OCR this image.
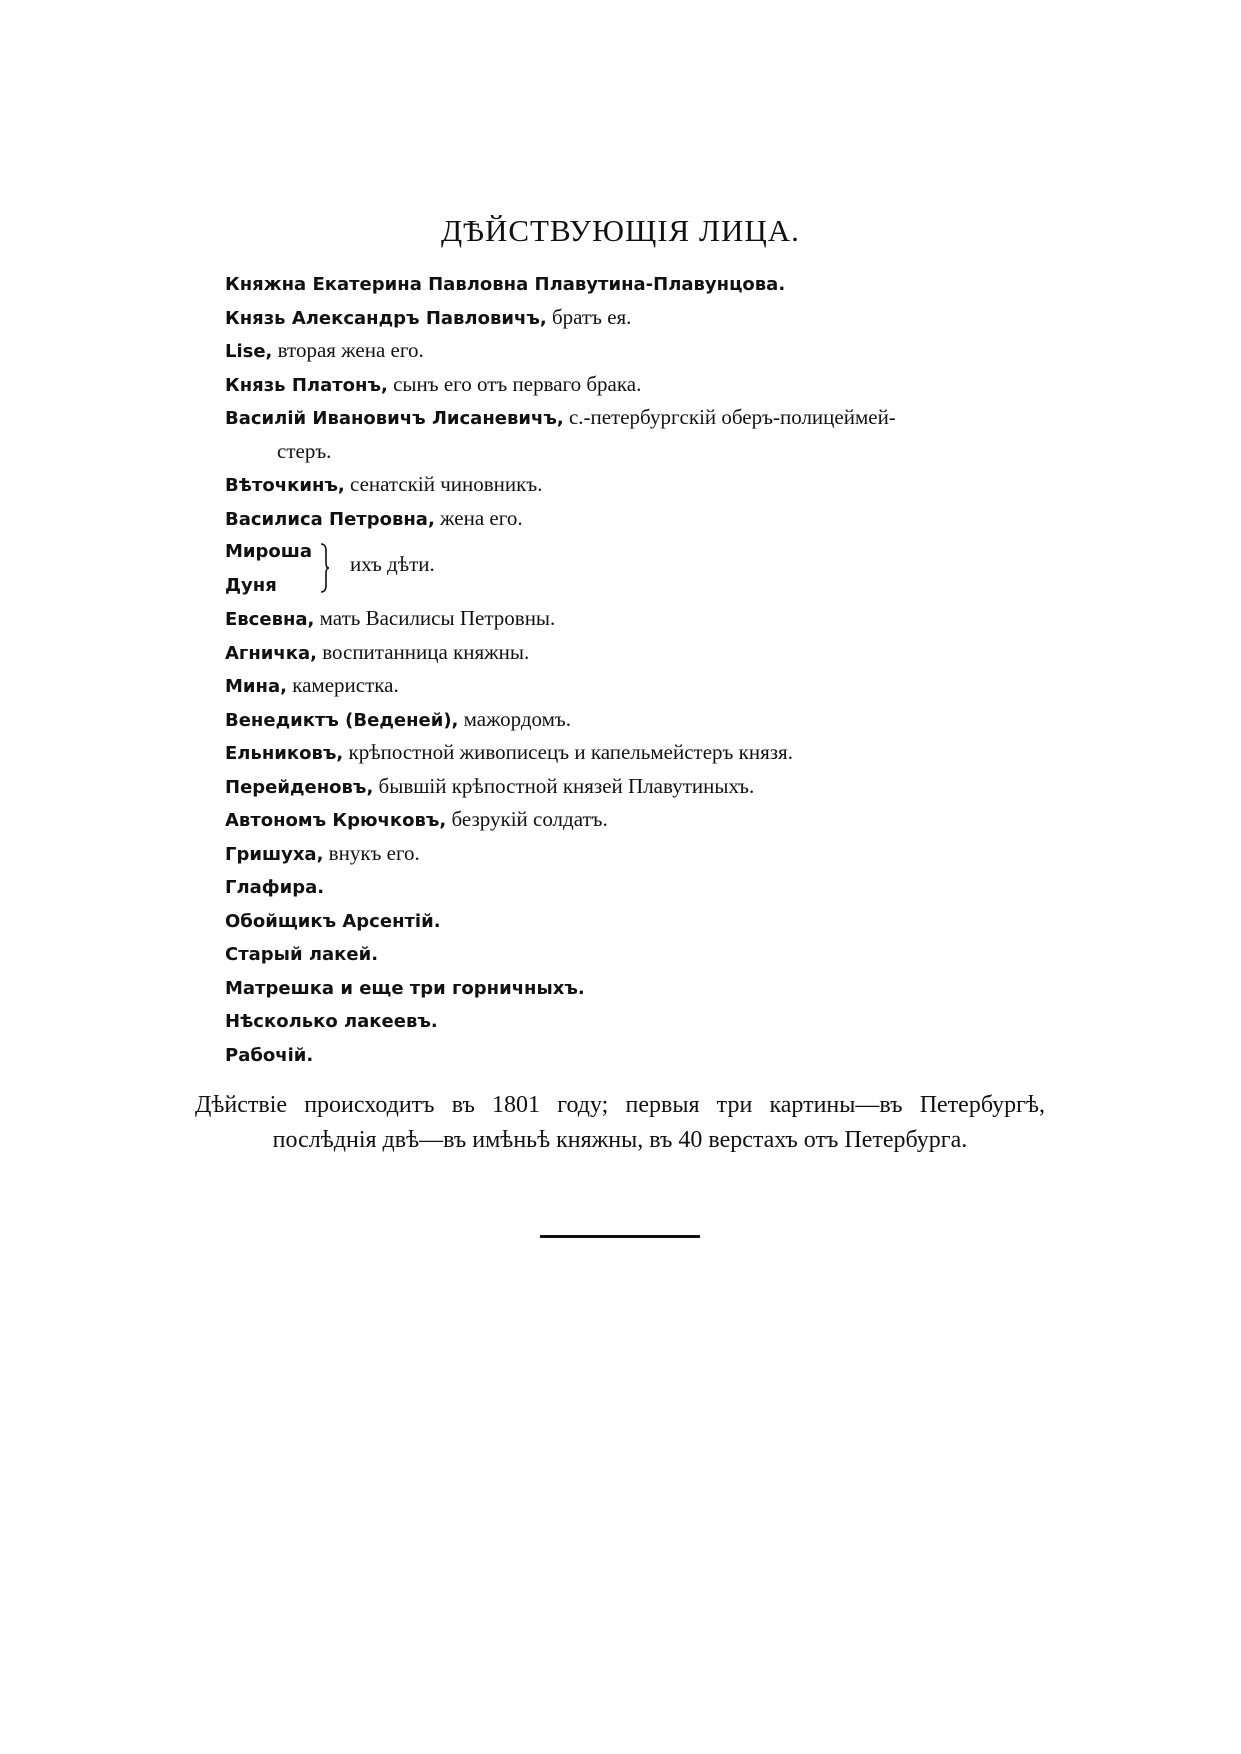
ДѢЙСТВУЮЩІЯ ЛИЦА.
Княжна Екатерина Павловна Плавутина-Плавунцова.
Князь Александръ Павловичъ, братъ ея.
Lise, вторая жена его.
Князь Платонъ, сынъ его отъ перваго брака.
Василій Ивановичъ Лисаневичъ, с.-петербургскій оберъ-полицеймей-
стеръ.
Вѣточкинъ, сенатскій чиновникъ.
Василиса Петровна, жена его.
Мироша
Дуня
ихъ дѣти.
Евсевна, мать Василисы Петровны.
Агничка, воспитанница княжны.
Мина, камеристка.
Венедиктъ (Веденей), мажордомъ.
Ельниковъ, крѣпостной живописецъ и капельмейстеръ князя.
Перейденовъ, бывшій крѣпостной князей Плавутиныхъ.
Автономъ Крючковъ, безрукій солдатъ.
Гришуха, внукъ его.
Глафира.
Обойщикъ Арсентій.
Старый лакей.
Матрешка и еще три горничныхъ.
Нѣсколько лакеевъ.
Рабочій.
Дѣйствіе происходитъ въ 1801 году; первыя три картины—въ Петербургѣ, послѣднія двѣ—въ имѣньѣ княжны, въ 40 верстахъ отъ Петербурга.
